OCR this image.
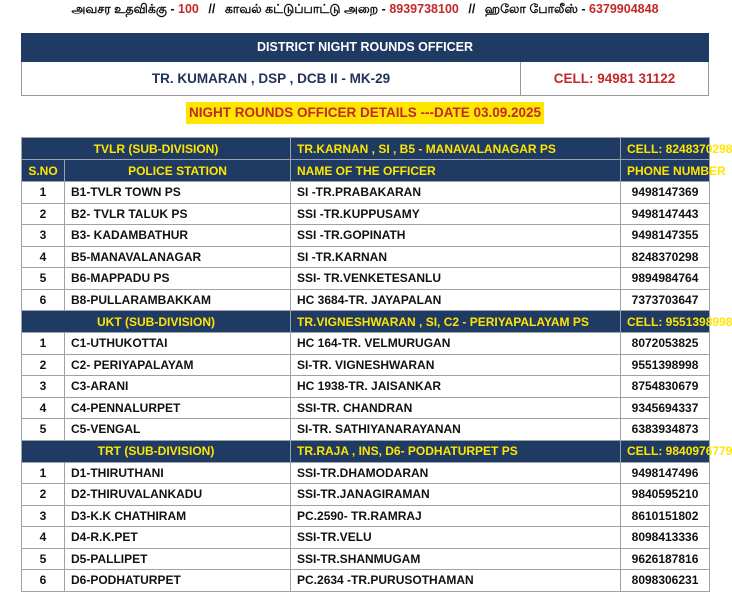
அவசர உதவிக்கு - 100 // காவல் கட்டுப்பாட்டு அறை - 8939738100 // ஹலோ போலீஸ் - 6379904848
DISTRICT NIGHT ROUNDS OFFICER
TR. KUMARAN , DSP , DCB II - MK-29	CELL: 94981 31122
NIGHT ROUNDS OFFICER DETAILS ---DATE 03.09.2025
TVLR (SUB-DIVISION)		TR.KARNAN , SI , B5 - MANAVALANAGAR PS	CELL: 8248370298
S.NO	POLICE STATION	NAME OF THE OFFICER	PHONE NUMBER
1	B1-TVLR TOWN PS	SI -TR.PRABAKARAN	9498147369
2	B2- TVLR TALUK PS	SSI -TR.KUPPUSAMY	9498147443
3	B3- KADAMBATHUR	SSI -TR.GOPINATH	9498147355
4	B5-MANAVALANAGAR	SI -TR.KARNAN	8248370298
5	B6-MAPPADU PS	SSI- TR.VENKETESANLU	9894984764
6	B8-PULLARAMBAKKAM	HC 3684-TR. JAYAPALAN	7373703647
UKT (SUB-DIVISION)		TR.VIGNESHWARAN , SI, C2 - PERIYAPALAYAM PS	CELL: 9551398998
1	C1-UTHUKOTTAI	HC 164-TR. VELMURUGAN	8072053825
2	C2- PERIYAPALAYAM	SI-TR. VIGNESHWARAN	9551398998
3	C3-ARANI	HC 1938-TR. JAISANKAR	8754830679
4	C4-PENNALURPET	SSI-TR. CHANDRAN	9345694337
5	C5-VENGAL	SI-TR. SATHIYANARAYANAN	6383934873
TRT (SUB-DIVISION)		TR.RAJA , INS, D6- PODHATURPET PS	CELL: 9840976779
1	D1-THIRUTHANI	SSI-TR.DHAMODARAN	9498147496
2	D2-THIRUVALANKADU	SSI-TR.JANAGIRAMAN	9840595210
3	D3-K.K CHATHIRAM	PC.2590- TR.RAMRAJ	8610151802
4	D4-R.K.PET	SSI-TR.VELU	8098413336
5	D5-PALLIPET	SSI-TR.SHANMUGAM	9626187816
6	D6-PODHATURPET	PC.2634 -TR.PURUSOTHAMAN	8098306231
